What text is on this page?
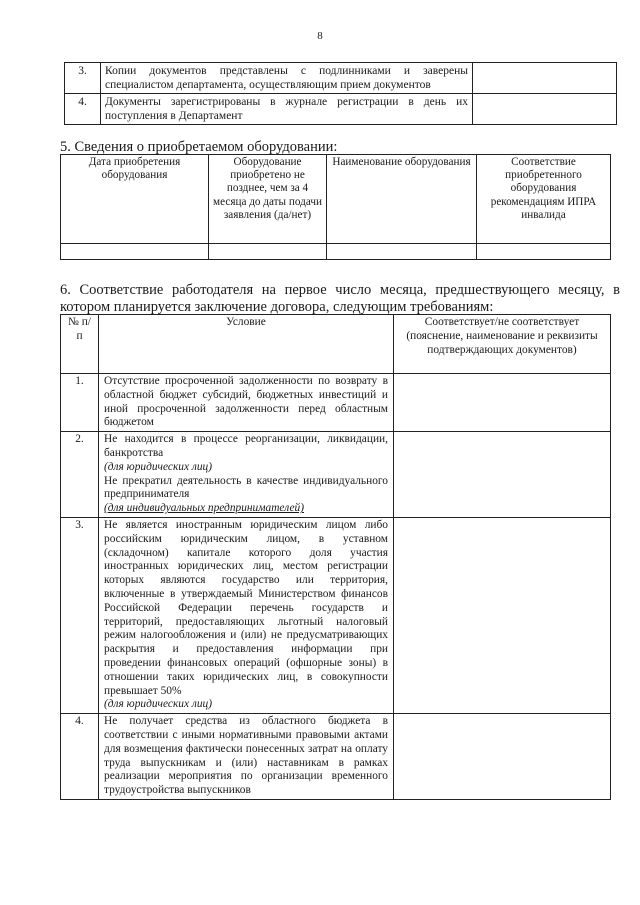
8
3.	Копии документов представлены с подлинниками и заверены специалистом департамента, осуществляющим прием документов	
4.	Документы зарегистрированы в журнале регистрации в день их поступления в Департамент	
5. Сведения о приобретаемом оборудовании:
Дата приобретения оборудования	Оборудование приобретено не позднее, чем за 4 месяца до даты подачи заявления (да/нет)	Наименование оборудования	Соответствие приобретенного оборудования рекомендациям ИПРА инвалида

6. Соответствие работодателя на первое число месяца, предшествующего месяцу, в котором планируется заключение договора, следующим требованиям:
№ п/п	Условие	Соответствует/не соответствует (пояснение, наименование и реквизиты подтверждающих документов)
1.	Отсутствие просроченной задолженности по возврату в областной бюджет субсидий, бюджетных инвестиций и иной просроченной задолженности перед областным бюджетом	
2.	Не находится в процессе реорганизации, ликвидации, банкротства
(для юридических лиц)
Не прекратил деятельность в качестве индивидуального предпринимателя
(для индивидуальных предпринимателей)	

3.	Не является иностранным юридическим лицом либо российским юридическим лицом, в уставном (складочном) капитале которого доля участия иностранных юридических лиц, местом регистрации которых являются государство или территория, включенные в утверждаемый Министерством финансов Российской Федерации перечень государств и территорий, предоставляющих льготный налоговый режим налогообложения и (или) не предусматривающих раскрытия и предоставления информации при проведении финансовых операций (офшорные зоны) в отношении таких юридических лиц, в совокупности превышает 50%
(для юридических лиц)	

4.	Не получает средства из областного бюджета в соответствии с иными нормативными правовыми актами для возмещения фактически понесенных затрат на оплату труда выпускникам и (или) наставникам в рамках реализации мероприятия по организации временного трудоустройства выпускников	
